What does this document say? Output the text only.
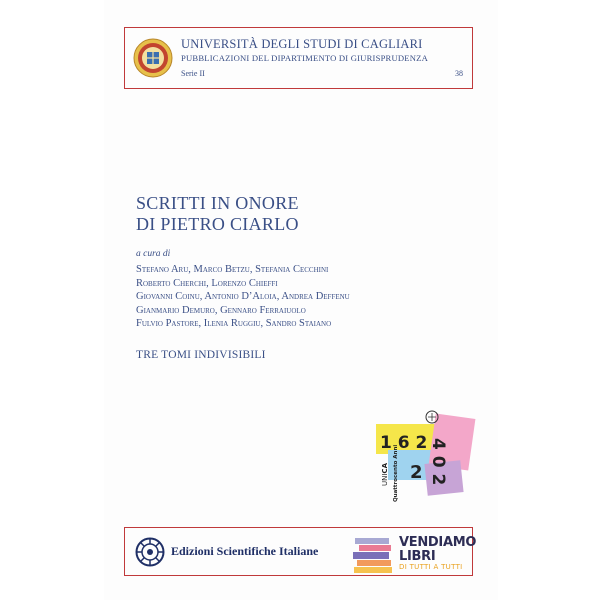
UNIVERSITÀ DEGLI STUDI DI CAGLIARI
PUBBLICAZIONI DEL DIPARTIMENTO DI GIURISPRUDENZA
Serie II	38
SCRITTI IN ONORE
DI PIETRO CIARLO
a cura di
Stefano Aru, Marco Betzu, Stefania Cecchini
Roberto Cherchi, Lorenzo Chieffi
Giovanni Coinu, Antonio D’Aloia, Andrea Deffenu
Gianmario Demuro, Gennaro Ferraiuolo
Fulvio Pastore, Ilenia Ruggiu, Sandro Staiano
TRE TOMI INDIVISIBILI
1 6 2 4 0 2
2
UNICA Quattrocento Anni
Edizioni Scientifiche Italiane
VENDIAMO
LIBRI
DI TUTTI A TUTTI
